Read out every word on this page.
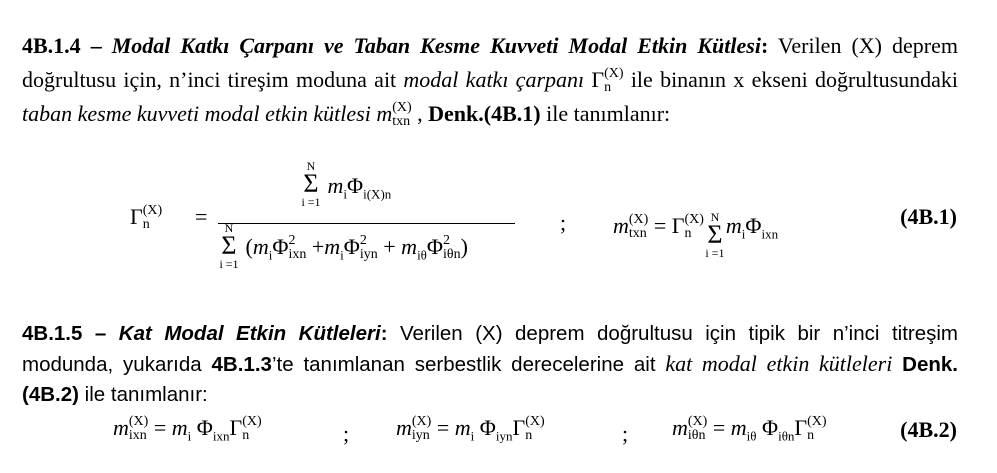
4B.1.4 – Modal Katkı Çarpanı ve Taban Kesme Kuvveti Modal Etkin Kütlesi: Verilen (X) deprem doğrultusu için, n’inci tireşim moduna ait modal katkı çarpanı Γ (X)
n ile binanın x ekseni doğrultusundaki taban kesme kuvveti modal etkin kütlesi m (X)
txn , Denk.(4B.1) ile tanımlanır:
Γ (X)
n	=
N
Σ
i =1
$m_i\Phi_{i(X)n}$
N
Σ
i =1
($m_i\Phi$ 2
ixn $+m_i\Phi$ 2
iyn + $m_{i\theta}\Phi$ 2
iθn )
; m (X)
txn = Γ (X)
n
N
Σ
i =1
$m_i\Phi_{ixn}$
(4B.1)
4B.1.5 – Kat Modal Etkin Kütleleri: Verilen (X) deprem doğrultusu için tipik bir n’inci titreşim modunda, yukarıda 4B.1.3’te tanımlanan serbestlik derecelerine ait kat modal etkin kütleleri Denk.(4B.2) ile tanımlanır:
m (X)
ixn = $m_i$ $\Phi_{ixn}\Gamma$ (X)
n	; m (X)
iyn = $m_i$ $\Phi_{iyn}\Gamma$ (X)
n	; m (X)
$i\theta n = m_{i\theta}$ $\Phi_{i\theta n}\Gamma$ (X)
n	(4B.2)
